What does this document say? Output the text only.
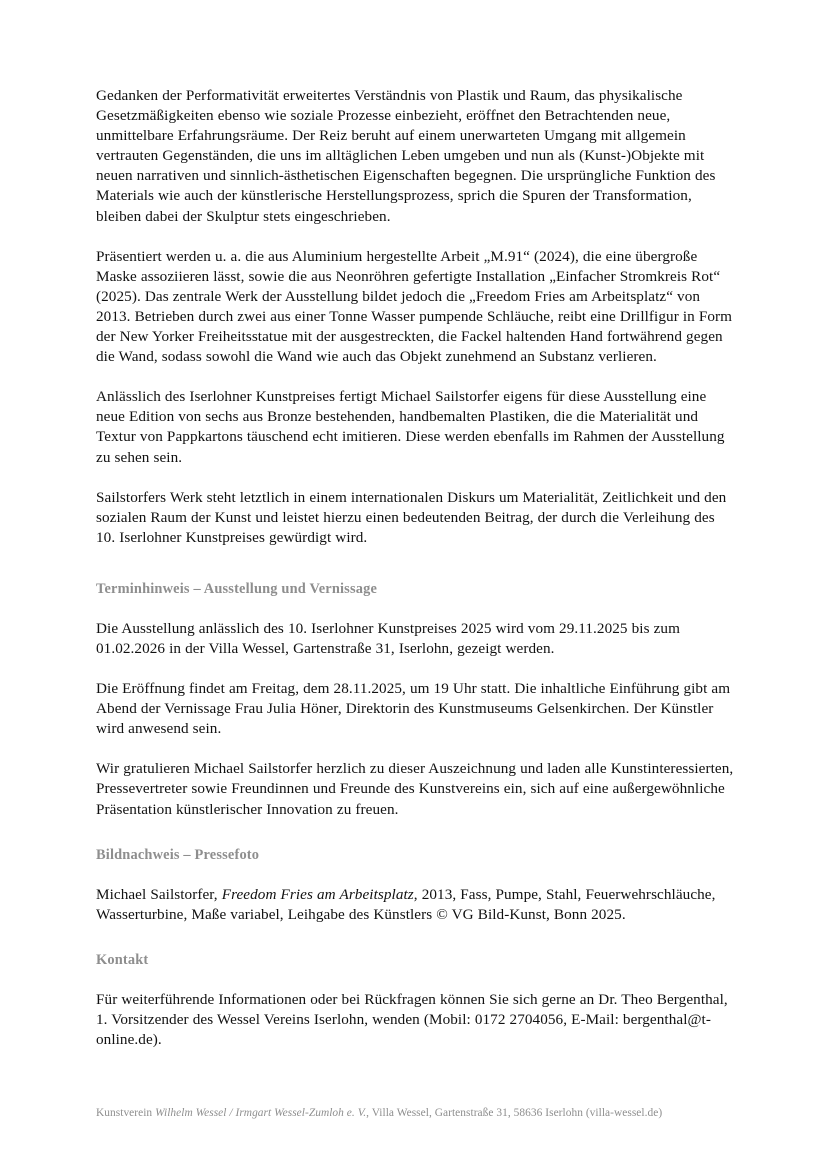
Gedanken der Performativität erweitertes Verständnis von Plastik und Raum, das physikalische Gesetzmäßigkeiten ebenso wie soziale Prozesse einbezieht, eröffnet den Betrachtenden neue, unmittelbare Erfahrungsräume. Der Reiz beruht auf einem unerwarteten Umgang mit allgemein vertrauten Gegenständen, die uns im alltäglichen Leben umgeben und nun als (Kunst-)Objekte mit neuen narrativen und sinnlich-ästhetischen Eigenschaften begegnen. Die ursprüngliche Funktion des Materials wie auch der künstlerische Herstellungsprozess, sprich die Spuren der Transformation, bleiben dabei der Skulptur stets eingeschrieben.

Präsentiert werden u. a. die aus Aluminium hergestellte Arbeit „M.91“ (2024), die eine übergroße Maske assoziieren lässt, sowie die aus Neonröhren gefertigte Installation „Einfacher Stromkreis Rot“ (2025). Das zentrale Werk der Ausstellung bildet jedoch die „Freedom Fries am Arbeitsplatz“ von 2013. Betrieben durch zwei aus einer Tonne Wasser pumpende Schläuche, reibt eine Drillfigur in Form der New Yorker Freiheitsstatue mit der ausgestreckten, die Fackel haltenden Hand fortwährend gegen die Wand, sodass sowohl die Wand wie auch das Objekt zunehmend an Substanz verlieren.

Anlässlich des Iserlohner Kunstpreises fertigt Michael Sailstorfer eigens für diese Ausstellung eine neue Edition von sechs aus Bronze bestehenden, handbemalten Plastiken, die die Materialität und Textur von Pappkartons täuschend echt imitieren. Diese werden ebenfalls im Rahmen der Ausstellung zu sehen sein.

Sailstorfers Werk steht letztlich in einem internationalen Diskurs um Materialität, Zeitlichkeit und den sozialen Raum der Kunst und leistet hierzu einen bedeutenden Beitrag, der durch die Verleihung des 10. Iserlohner Kunstpreises gewürdigt wird.

Terminhinweis – Ausstellung und Vernissage

Die Ausstellung anlässlich des 10. Iserlohner Kunstpreises 2025 wird vom 29.11.2025 bis zum 01.02.2026 in der Villa Wessel, Gartenstraße 31, Iserlohn, gezeigt werden.

Die Eröffnung findet am Freitag, dem 28.11.2025, um 19 Uhr statt. Die inhaltliche Einführung gibt am Abend der Vernissage Frau Julia Höner, Direktorin des Kunstmuseums Gelsenkirchen. Der Künstler wird anwesend sein.

Wir gratulieren Michael Sailstorfer herzlich zu dieser Auszeichnung und laden alle Kunstinteressierten, Pressevertreter sowie Freundinnen und Freunde des Kunstvereins ein, sich auf eine außergewöhnliche Präsentation künstlerischer Innovation zu freuen.

Bildnachweis – Pressefoto

Michael Sailstorfer, Freedom Fries am Arbeitsplatz, 2013, Fass, Pumpe, Stahl, Feuerwehrschläuche, Wasserturbine, Maße variabel, Leihgabe des Künstlers © VG Bild-Kunst, Bonn 2025.

Kontakt

Für weiterführende Informationen oder bei Rückfragen können Sie sich gerne an Dr. Theo Bergenthal, 1. Vorsitzender des Wessel Vereins Iserlohn, wenden (Mobil: 0172 2704056, E-Mail: bergenthal@t-online.de).

Kunstverein Wilhelm Wessel / Irmgart Wessel-Zumloh e. V., Villa Wessel, Gartenstraße 31, 58636 Iserlohn (villa-wessel.de)
